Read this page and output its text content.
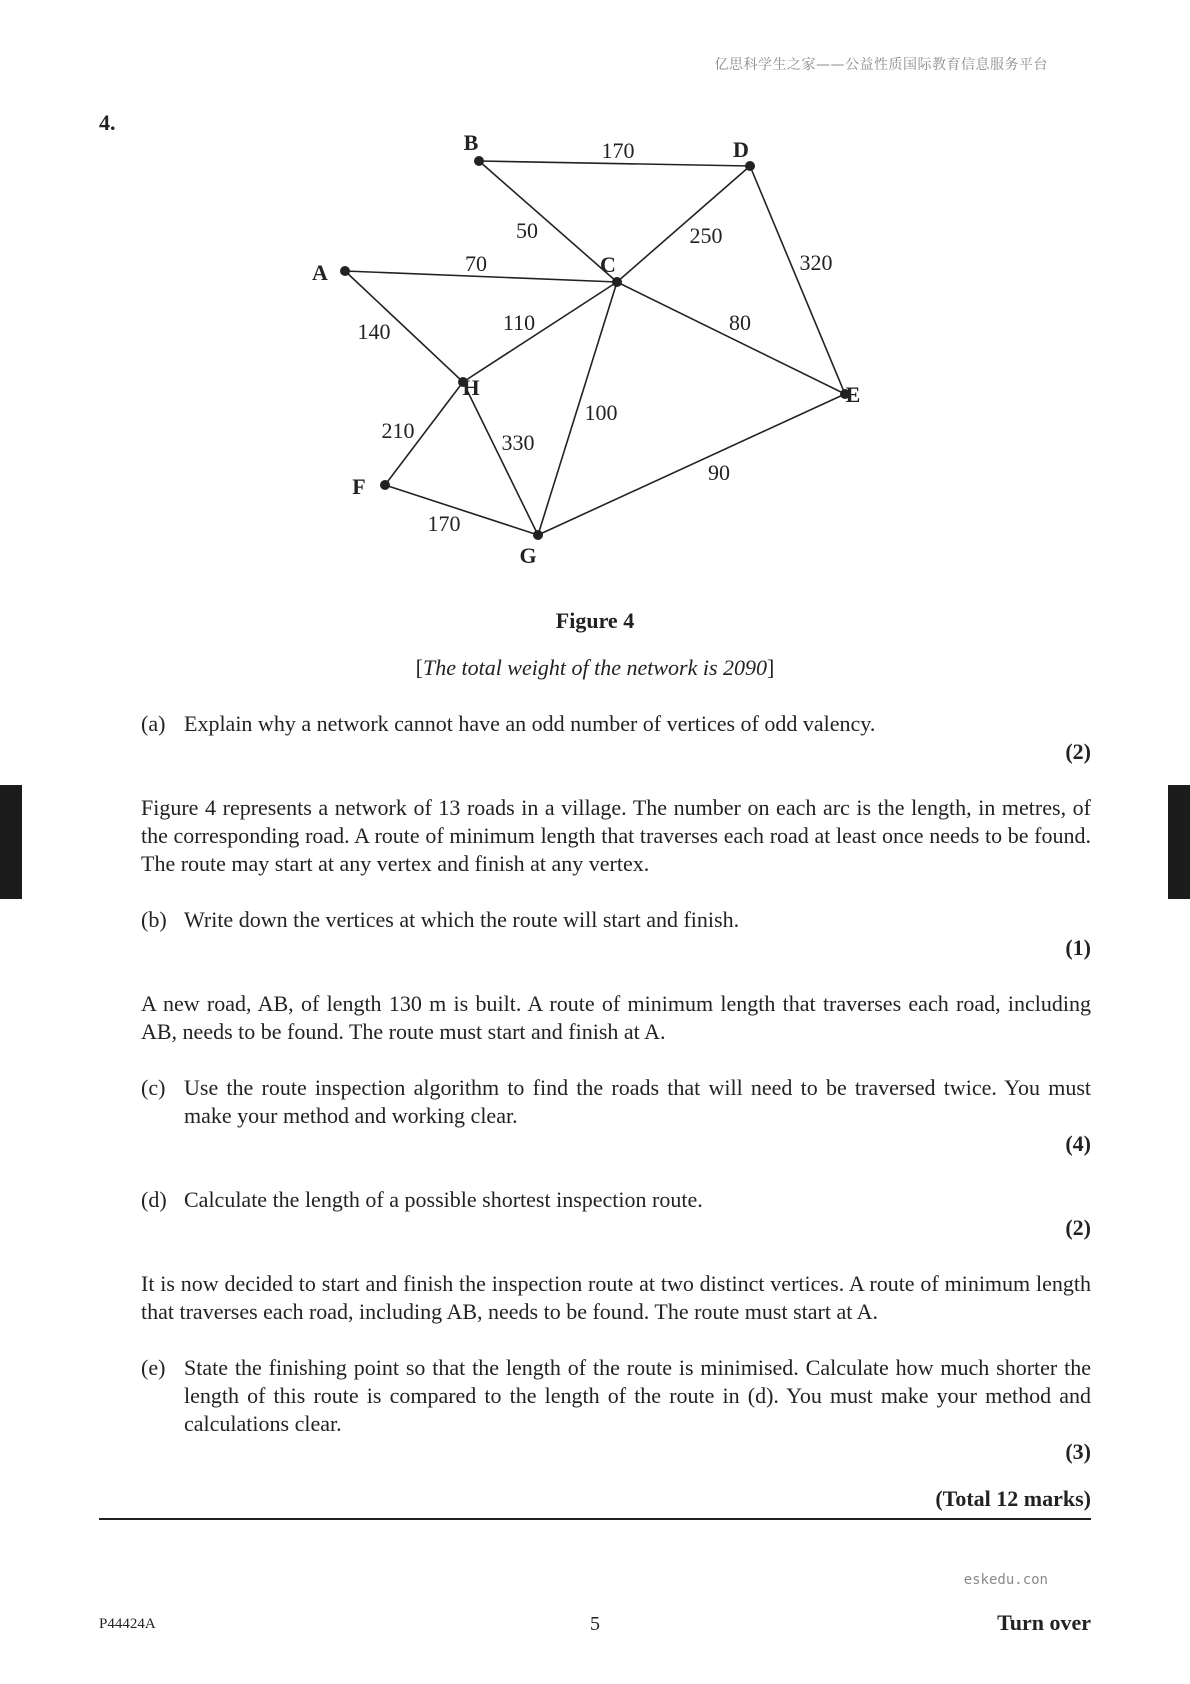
亿思科学生之家——公益性质国际教育信息服务平台
4.
170
50	250
320
70
140	110	80
100
210	330
90
170
A
B
C
D
E
F
G
H
Figure 4
[The total weight of the network is 2090]
(a) Explain why a network cannot have an odd number of vertices of odd valency.
(2)
Figure 4 represents a network of 13 roads in a village. The number on each arc is the length, in metres, of the corresponding road. A route of minimum length that traverses each road at least once needs to be found. The route may start at any vertex and finish at any vertex.
(b) Write down the vertices at which the route will start and finish.
(1)
A new road, AB, of length 130 m is built. A route of minimum length that traverses each road, including AB, needs to be found. The route must start and finish at A.
(c) Use the route inspection algorithm to find the roads that will need to be traversed twice. You must make your method and working clear.
(4)
(d) Calculate the length of a possible shortest inspection route.
(2)
It is now decided to start and finish the inspection route at two distinct vertices. A route of minimum length that traverses each road, including AB, needs to be found. The route must start at A.
(e) State the finishing point so that the length of the route is minimised. Calculate how much shorter the length of this route is compared to the length of the route in (d). You must make your method and calculations clear.
(3)
(Total 12 marks)
eskedu.con
P44424A	5	Turn over
